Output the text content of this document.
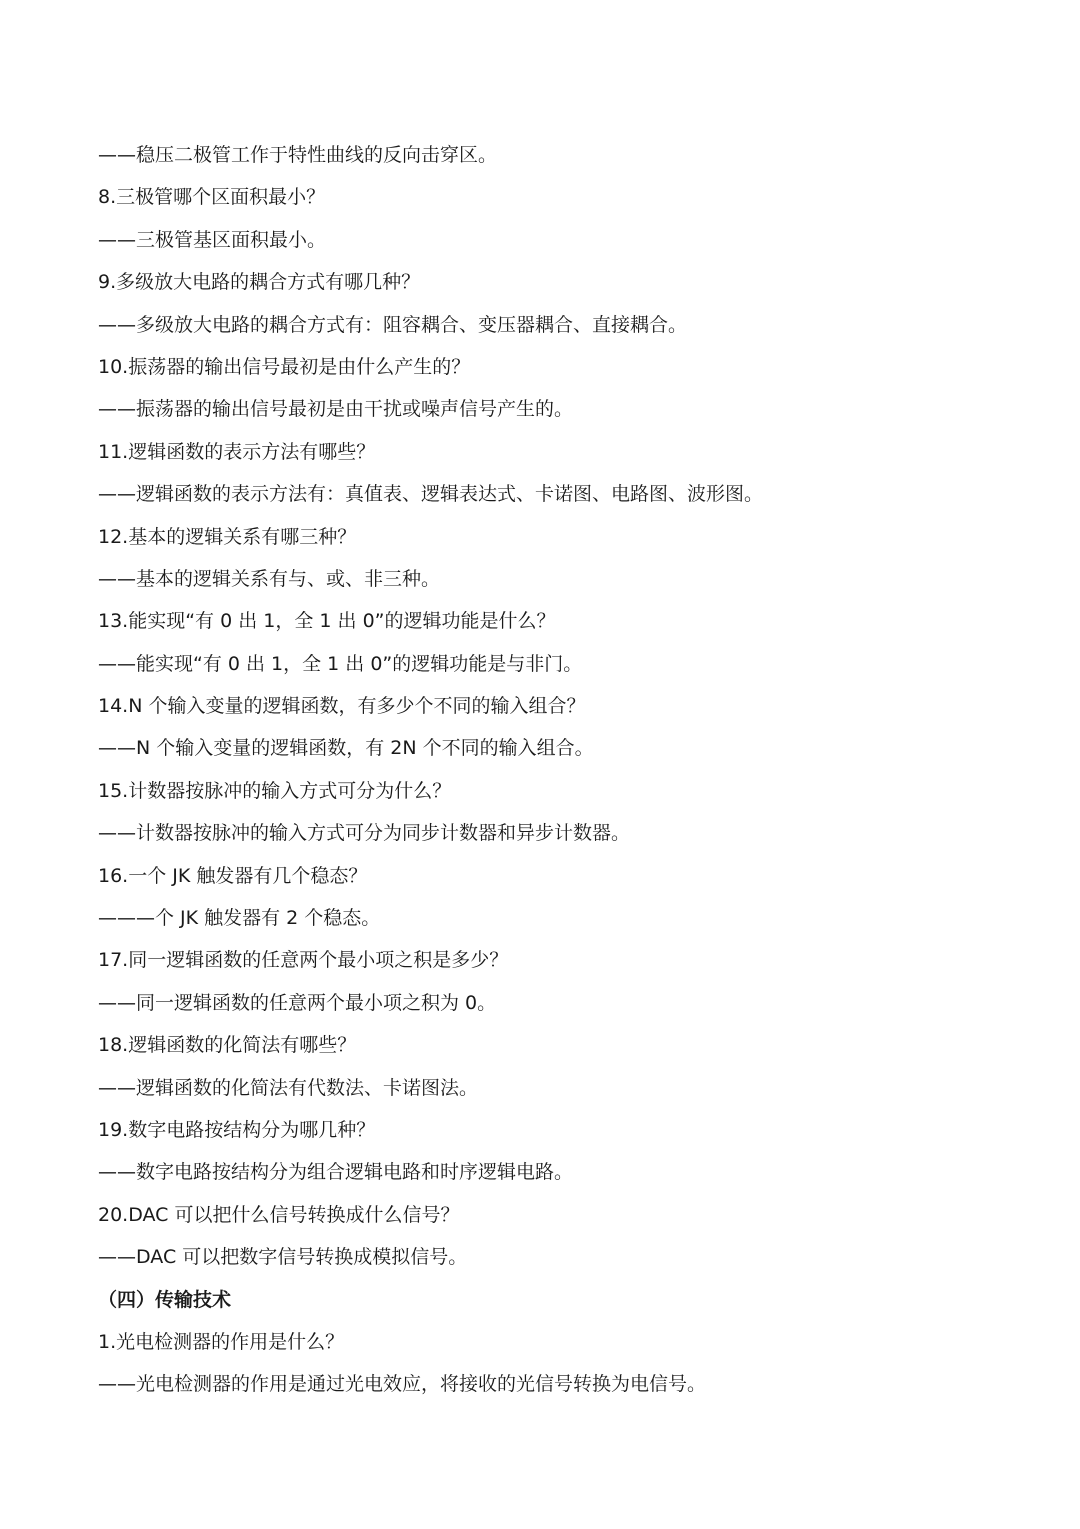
——稳压二极管工作于特性曲线的反向击穿区。
8.三极管哪个区面积最小？
——三极管基区面积最小。
9.多级放大电路的耦合方式有哪几种？
——多级放大电路的耦合方式有：阻容耦合、变压器耦合、直接耦合。
10.振荡器的输出信号最初是由什么产生的？
——振荡器的输出信号最初是由干扰或噪声信号产生的。
11.逻辑函数的表示方法有哪些？
——逻辑函数的表示方法有：真值表、逻辑表达式、卡诺图、电路图、波形图。
12.基本的逻辑关系有哪三种？
——基本的逻辑关系有与、或、非三种。
13.能实现“有 0 出 1，全 1 出 0”的逻辑功能是什么？
——能实现“有 0 出 1，全 1 出 0”的逻辑功能是与非门。
14.N 个输入变量的逻辑函数，有多少个不同的输入组合？
——N 个输入变量的逻辑函数，有 2N 个不同的输入组合。
15.计数器按脉冲的输入方式可分为什么？
——计数器按脉冲的输入方式可分为同步计数器和异步计数器。
16.一个 JK 触发器有几个稳态？
———个 JK 触发器有 2 个稳态。
17.同一逻辑函数的任意两个最小项之积是多少？
——同一逻辑函数的任意两个最小项之积为 0。
18.逻辑函数的化简法有哪些？
——逻辑函数的化简法有代数法、卡诺图法。
19.数字电路按结构分为哪几种？
——数字电路按结构分为组合逻辑电路和时序逻辑电路。
20.DAC 可以把什么信号转换成什么信号？
——DAC 可以把数字信号转换成模拟信号。
（四）传输技术
1.光电检测器的作用是什么？
——光电检测器的作用是通过光电效应，将接收的光信号转换为电信号。
